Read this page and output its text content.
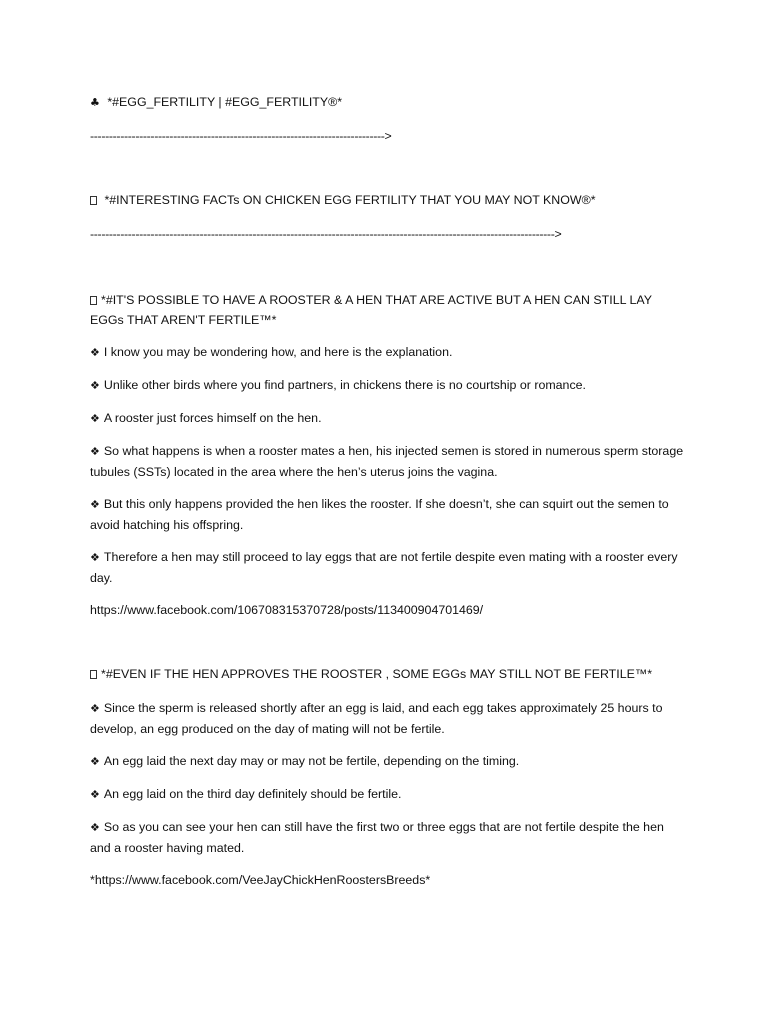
♣ *#EGG_FERTILITY | #EGG_FERTILITY®*
------------------------------------------------------------------------------>
*#INTERESTING FACTs ON CHICKEN EGG FERTILITY THAT YOU MAY NOT KNOW®*
--------------------------------------------------------------------------------------------------------------------------->
*#IT'S POSSIBLE TO HAVE A ROOSTER & A HEN THAT ARE ACTIVE BUT A HEN CAN STILL LAY EGGs THAT AREN'T FERTILE™*
❖ I know you may be wondering how, and here is the explanation.
❖ Unlike other birds where you find partners, in chickens there is no courtship or romance.
❖ A rooster just forces himself on the hen.
❖ So what happens is when a rooster mates a hen, his injected semen is stored in numerous sperm storage tubules (SSTs) located in the area where the hen’s uterus joins the vagina.
❖ But this only happens provided the hen likes the rooster. If she doesn’t, she can squirt out the semen to avoid hatching his offspring.
❖ Therefore a hen may still proceed to lay eggs that are not fertile despite even mating with a rooster every day.
https://www.facebook.com/106708315370728/posts/113400904701469/
*#EVEN IF THE HEN APPROVES THE ROOSTER , SOME EGGs MAY STILL NOT BE FERTILE™*
❖ Since the sperm is released shortly after an egg is laid, and each egg takes approximately 25 hours to develop, an egg produced on the day of mating will not be fertile.
❖ An egg laid the next day may or may not be fertile, depending on the timing.
❖ An egg laid on the third day definitely should be fertile.
❖ So as you can see your hen can still have the first two or three eggs that are not fertile despite the hen and a rooster having mated.
*https://www.facebook.com/VeeJayChickHenRoostersBreeds*
